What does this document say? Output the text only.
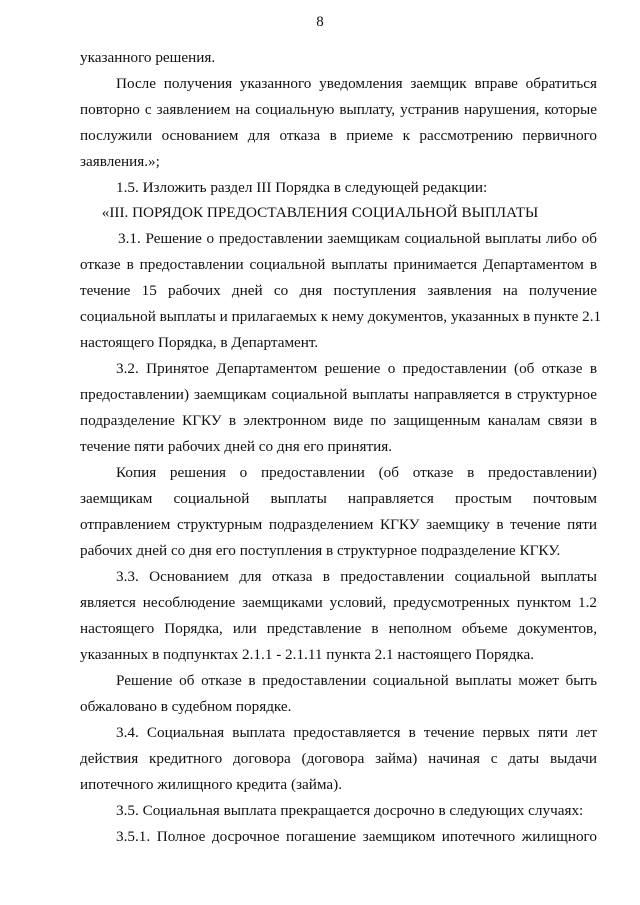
8
указанного решения.
После получения указанного уведомления заемщик вправе обратиться
повторно с заявлением на социальную выплату, устранив нарушения, которые
послужили основанием для отказа в приеме к рассмотрению первичного
заявления.»;
1.5. Изложить раздел III Порядка в следующей редакции:
«III. ПОРЯДОК ПРЕДОСТАВЛЕНИЯ СОЦИАЛЬНОЙ ВЫПЛАТЫ
3.1. Решение о предоставлении заемщикам социальной выплаты либо об
отказе в предоставлении социальной выплаты принимается Департаментом в
течение 15 рабочих дней со дня поступления заявления на получение
социальной выплаты и прилагаемых к нему документов, указанных в пункте 2.1
настоящего Порядка, в Департамент.
3.2. Принятое Департаментом решение о предоставлении (об отказе в
предоставлении) заемщикам социальной выплаты направляется в структурное
подразделение КГКУ в электронном виде по защищенным каналам связи в
течение пяти рабочих дней со дня его принятия.
Копия решения о предоставлении (об отказе в предоставлении)
заемщикам социальной выплаты направляется простым почтовым
отправлением структурным подразделением КГКУ заемщику в течение пяти
рабочих дней со дня его поступления в структурное подразделение КГКУ.
3.3. Основанием для отказа в предоставлении социальной выплаты
является несоблюдение заемщиками условий, предусмотренных пунктом 1.2
настоящего Порядка, или представление в неполном объеме документов,
указанных в подпунктах 2.1.1 - 2.1.11 пункта 2.1 настоящего Порядка.
Решение об отказе в предоставлении социальной выплаты может быть
обжаловано в судебном порядке.
3.4. Социальная выплата предоставляется в течение первых пяти лет
действия кредитного договора (договора займа) начиная с даты выдачи
ипотечного жилищного кредита (займа).
3.5. Социальная выплата прекращается досрочно в следующих случаях:
3.5.1. Полное досрочное погашение заемщиком ипотечного жилищного
